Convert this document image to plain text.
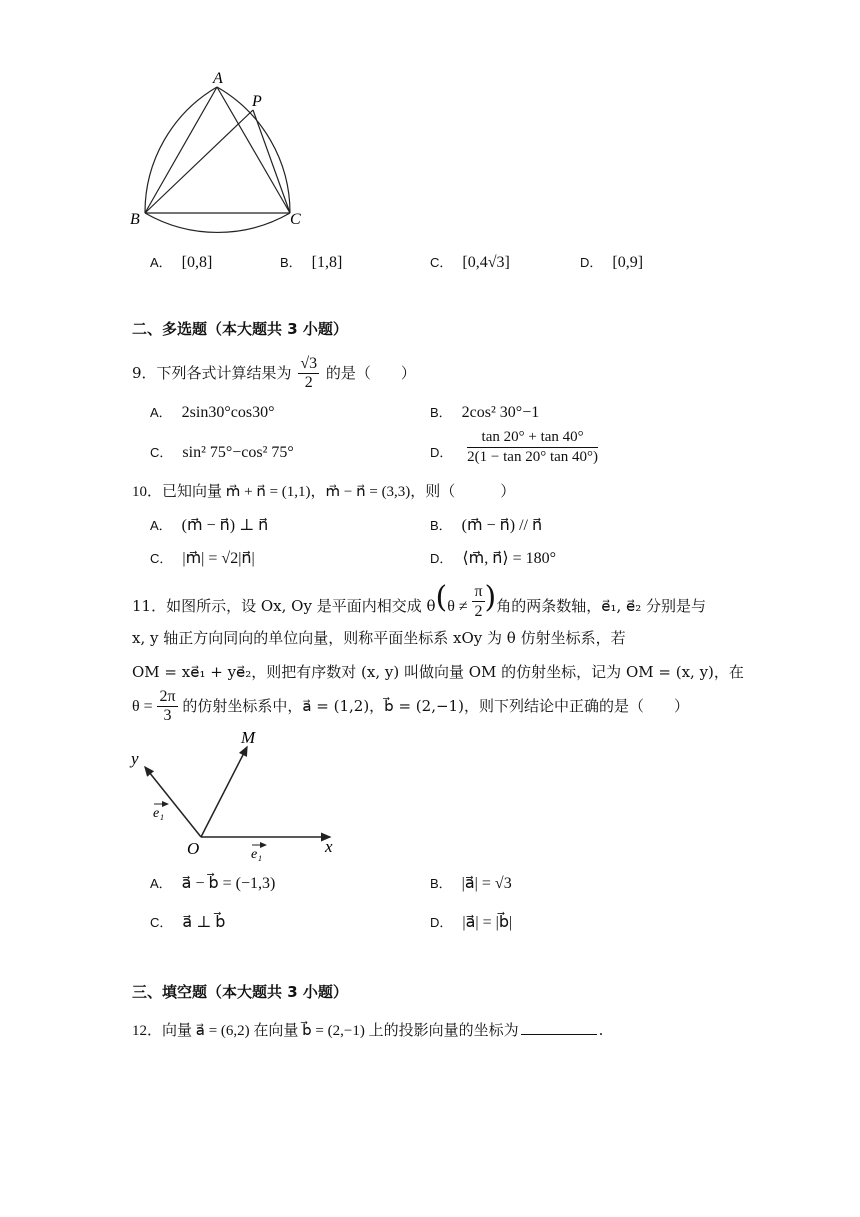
A
P
B	C
A． [0,8]	B． [1,8]	C． [0,4√3]	D． [0,9]
二、多选题（本大题共 3 小题）
9．下列各式计算结果为 $\frac{√3}{2}$ 的是（　　）
A． 2sin30°cos30°	B． 2cos² 30°−1
C． sin² 75°−cos² 75°	D． $\frac{\tan 20^\circ + \tan 40^\circ}{2(1 - \tan 20^\circ \tan 40^\circ)}$
10．已知向量 m⃗ + n⃗ = (1,1)，m⃗ − n⃗ = (3,3)，则（　　　）
A． (m⃗ − n⃗) ⊥ n⃗	B． (m⃗ − n⃗) // n⃗
C． |m⃗| = √2|n⃗|	D． ⟨m⃗, n⃗⟩ = 180°
11．如图所示，设 Ox, Oy 是平面内相交成 $\theta(\theta \ne \frac{\pi}{2}$ )角的两条数轴，e⃗₁, e⃗₂ 分别是与
x, y 轴正方向同向的单位向量，则称平面坐标系 xOy 为 θ 仿射坐标系，若
OM = xe⃗₁ + ye⃗₂，则把有序数对 (x, y) 叫做向量 OM 的仿射坐标，记为 OM = (x, y)，在
$\theta = \frac{2\pi}{3}$ 的仿射坐标系中，a⃗ = (1,2)，b⃗ = (2,−1)，则下列结论中正确的是（　　）
y
M
O	x
e₁
e₁
A． a⃗ − b⃗ = (−1,3)	B． |a⃗| = √3
C． a⃗ ⊥ b⃗	D． |a⃗| = |b⃗|
三、填空题（本大题共 3 小题）
12．向量 a⃗ = (6,2) 在向量 b⃗ = (2,−1) 上的投影向量的坐标为	.
